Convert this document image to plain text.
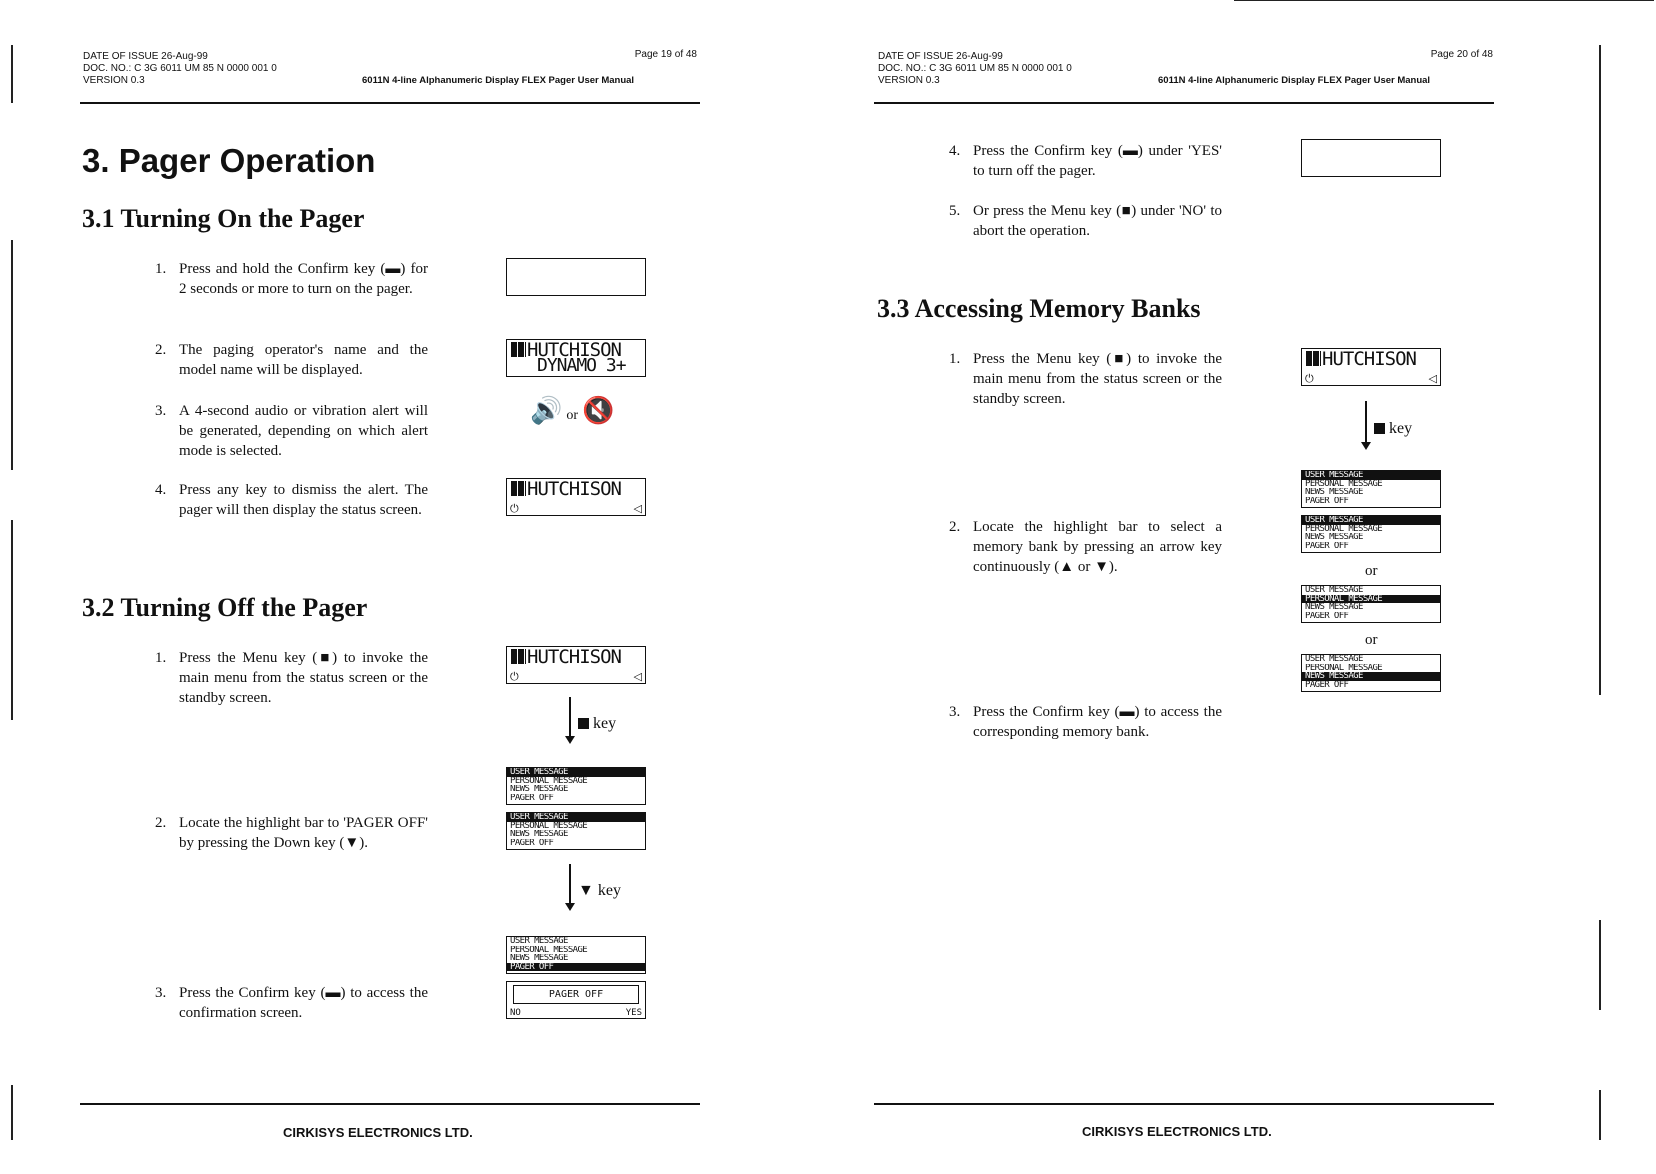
DATE OF ISSUE 26-Aug-99
DOC. NO.: C 3G 6011 UM 85 N 0000 001 0
VERSION 0.3
Page 19 of 48
6011N 4-line Alphanumeric Display FLEX Pager User Manual
3. Pager Operation
3.1 Turning On the Pager
1. Press and hold the Confirm key (▬) for 2 seconds or more to turn on the pager.
2. The paging operator's name and the model name will be displayed.
HUTCHISON
DYNAMO 3+
3. A 4-second audio or vibration alert will be generated, depending on which alert mode is selected.
🔊 or 🔇
4. Press any key to dismiss the alert. The pager will then display the status screen.
HUTCHISON
⏻	◁
3.2 Turning Off the Pager
1. Press the Menu key (■) to invoke the main menu from the status screen or the standby screen.
HUTCHISON
⏻	◁
key
USER MESSAGE
PERSONAL MESSAGE
NEWS MESSAGE
PAGER OFF
2. Locate the highlight bar to 'PAGER OFF' by pressing the Down key (▼).
USER MESSAGE
PERSONAL MESSAGE
NEWS MESSAGE
PAGER OFF
▼ key
USER MESSAGE
PERSONAL MESSAGE
NEWS MESSAGE
PAGER OFF
3. Press the Confirm key (▬) to access the confirmation screen.
PAGER OFF
NO	YES
CIRKISYS ELECTRONICS LTD.
DATE OF ISSUE 26-Aug-99
DOC. NO.: C 3G 6011 UM 85 N 0000 001 0
VERSION 0.3
Page 20 of 48
6011N 4-line Alphanumeric Display FLEX Pager User Manual
4. Press the Confirm key (▬) under 'YES' to turn off the pager.
5. Or press the Menu key (■) under 'NO' to abort the operation.
3.3 Accessing Memory Banks
1. Press the Menu key (■) to invoke the main menu from the status screen or the standby screen.
HUTCHISON
⏻	◁
key
USER MESSAGE
PERSONAL MESSAGE
NEWS MESSAGE
PAGER OFF
2. Locate the highlight bar to select a memory bank by pressing an arrow key continuously (▲ or ▼).
USER MESSAGE
PERSONAL MESSAGE
NEWS MESSAGE
PAGER OFF
or
USER MESSAGE
PERSONAL MESSAGE
NEWS MESSAGE
PAGER OFF
or
USER MESSAGE
PERSONAL MESSAGE
NEWS MESSAGE
PAGER OFF
3. Press the Confirm key (▬) to access the corresponding memory bank.
CIRKISYS ELECTRONICS LTD.
